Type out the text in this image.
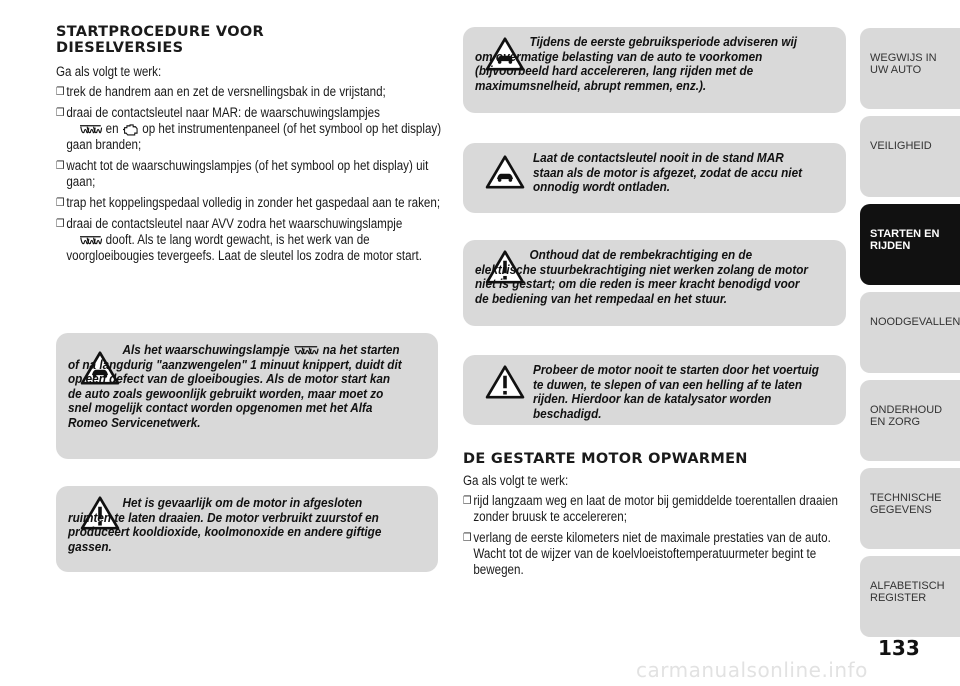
STARTPROCEDURE VOOR
DIESELVERSIES

Ga als volgt te werk:

❒ trek de handrem aan en zet de versnellingsbak in de vrijstand;
❒ draai de contactsleutel naar MAR: de waarschuwingslampjes
en op het instrumentenpaneel (of het symbool op het display) gaan branden;
❒ wacht tot de waarschuwingslampjes (of het symbool op het display) uit gaan;
❒ trap het koppelingspedaal volledig in zonder het gaspedaal aan te raken;
❒ draai de contactsleutel naar AVV zodra het waarschuwingslampje
dooft. Als te lang wordt gewacht, is het werk van de voorgloeibougies tevergeefs. Laat de sleutel los zodra de motor start.
Als het waarschuwingslampje	na het starten of na langdurig "aanzwengelen" 1 minuut knippert, duidt dit op een defect van de gloeibougies. Als de motor start kan de auto zoals gewoonlijk gebruikt worden, maar moet zo snel mogelijk contact worden opgenomen met het Alfa Romeo Servicenetwerk.
Het is gevaarlijk om de motor in afgesloten ruimten te laten draaien. De motor verbruikt zuurstof en produceert kooldioxide, koolmonoxide en andere giftige gassen.
Tijdens de eerste gebruiksperiode adviseren wij om overmatige belasting van de auto te voorkomen (bijvoorbeeld hard accelereren, lang rijden met de maximumsnelheid, abrupt remmen, enz.).
Laat de contactsleutel nooit in de stand MAR staan als de motor is afgezet, zodat de accu niet onnodig wordt ontladen.
Onthoud dat de rembekrachtiging en de elektrische stuurbekrachtiging niet werken zolang de motor niet is gestart; om die reden is meer kracht benodigd voor de bediening van het rempedaal en het stuur.
Probeer de motor nooit te starten door het voertuig te duwen, te slepen of van een helling af te laten rijden. Hierdoor kan de katalysator worden beschadigd.
DE GESTARTE MOTOR OPWARMEN

Ga als volgt te werk:

❒ rijd langzaam weg en laat de motor bij gemiddelde toerentallen draaien zonder bruusk te accelereren;
❒ verlang de eerste kilometers niet de maximale prestaties van de auto. Wacht tot de wijzer van de koelvloeistoftemperatuurmeter begint te bewegen.
WEGWIJS IN UW AUTO
VEILIGHEID
STARTEN EN RIJDEN
NOODGEVALLEN
ONDERHOUD EN ZORG
TECHNISCHE GEGEVENS
ALFABETISCH REGISTER
133
carmanualsonline.info
